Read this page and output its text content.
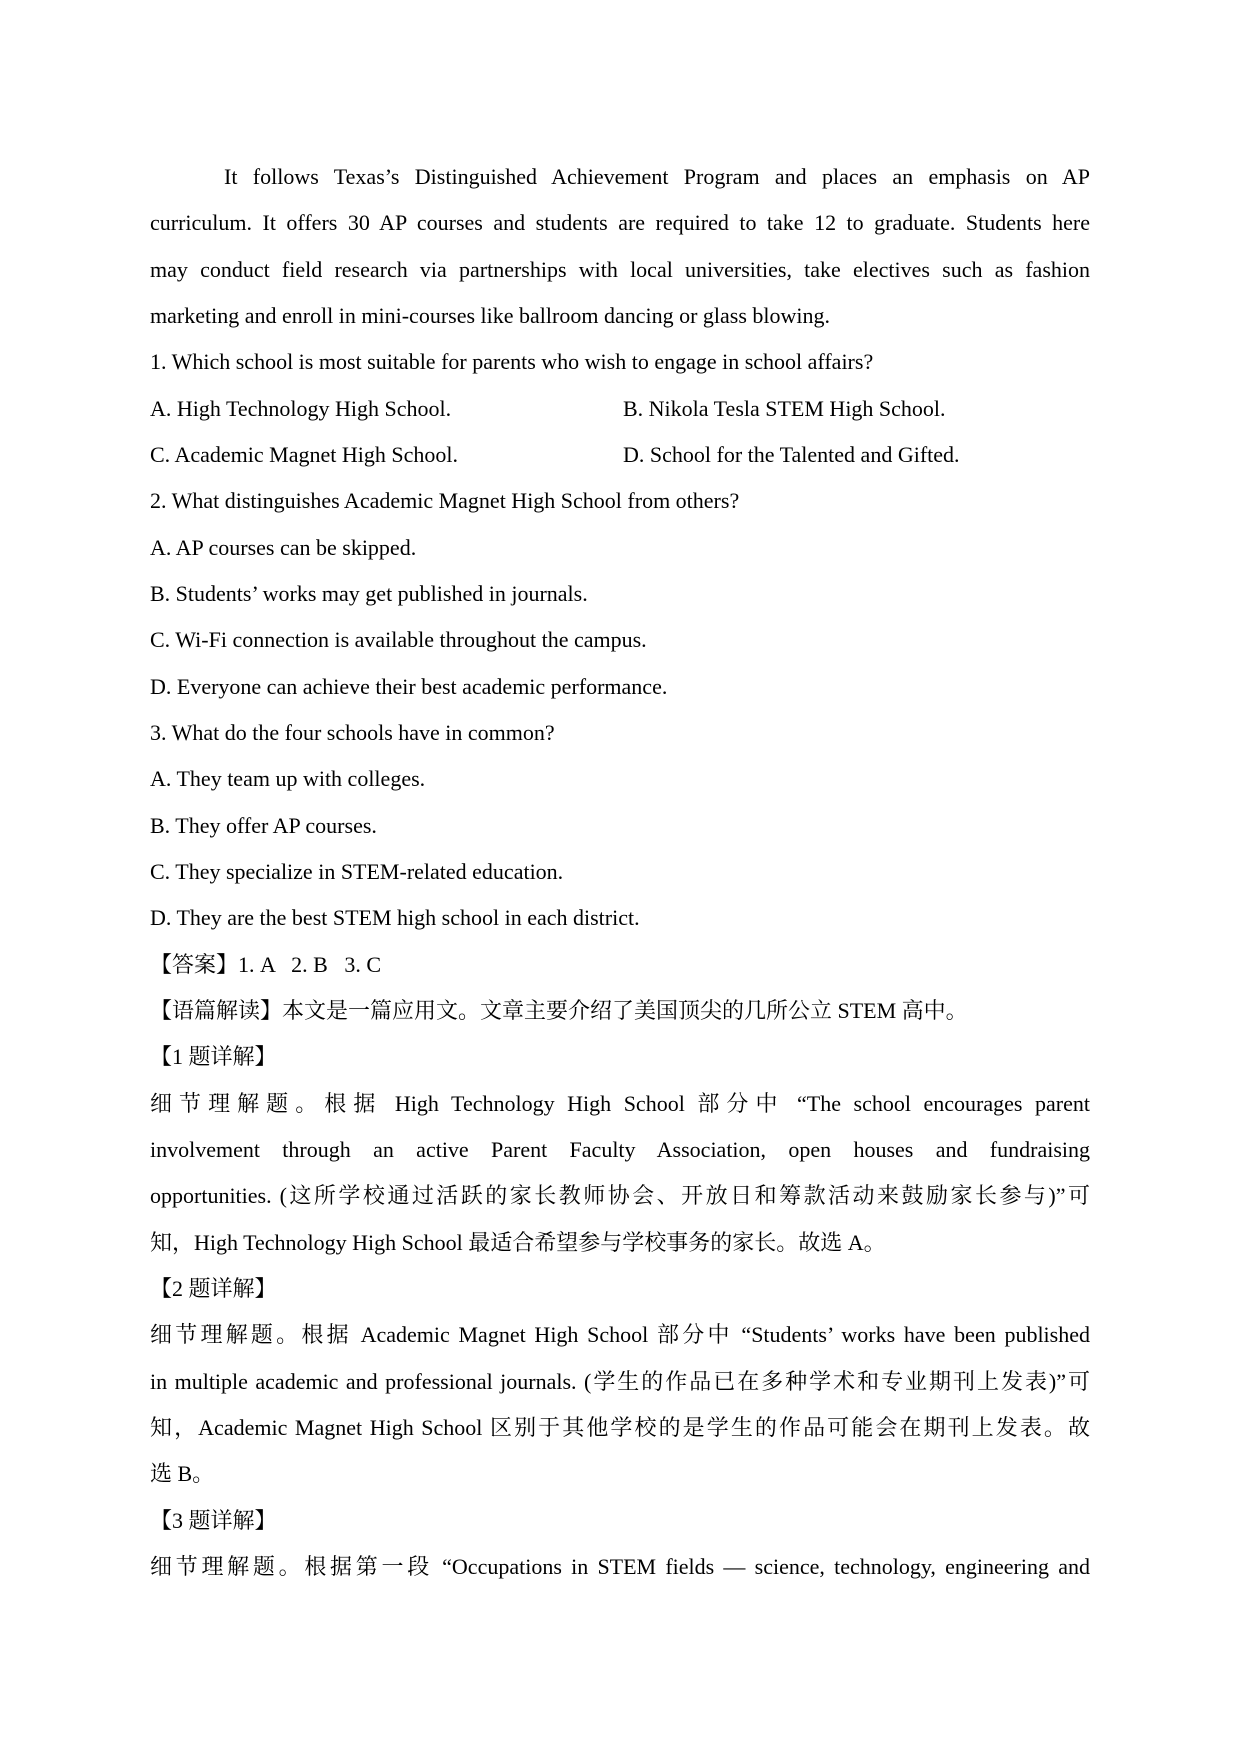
It follows Texas’s Distinguished Achievement Program and places an emphasis on AP
curriculum. It offers 30 AP courses and students are required to take 12 to graduate. Students here
may conduct field research via partnerships with local universities, take electives such as fashion
marketing and enroll in mini-courses like ballroom dancing or glass blowing.
1. Which school is most suitable for parents who wish to engage in school affairs?
A. High Technology High School.	B. Nikola Tesla STEM High School.
C. Academic Magnet High School.	D. School for the Talented and Gifted.
2. What distinguishes Academic Magnet High School from others?
A. AP courses can be skipped.
B. Students’ works may get published in journals.
C. Wi-Fi connection is available throughout the campus.
D. Everyone can achieve their best academic performance.
3. What do the four schools have in common?
A. They team up with colleges.
B. They offer AP courses.
C. They specialize in STEM-related education.
D. They are the best STEM high school in each district.
【答案】1. A   2. B   3. C
【语篇解读】本文是一篇应用文。文章主要介绍了美国顶尖的几所公立 STEM 高中。
【1 题详解】
细节理解题。根据 High Technology High School 部分中 “The school encourages parent
involvement through an active Parent Faculty Association, open houses and fundraising
opportunities. (这所学校通过活跃的家长教师协会、开放日和筹款活动来鼓励家长参与)”可
知，High Technology High School 最适合希望参与学校事务的家长。故选 A。
【2 题详解】
细节理解题。根据 Academic Magnet High School 部分中 “Students’ works have been published
in multiple academic and professional journals. (学生的作品已在多种学术和专业期刊上发表)”可
知，Academic Magnet High School 区别于其他学校的是学生的作品可能会在期刊上发表。故
选 B。
【3 题详解】
细节理解题。根据第一段 “Occupations in STEM fields — science, technology, engineering and
